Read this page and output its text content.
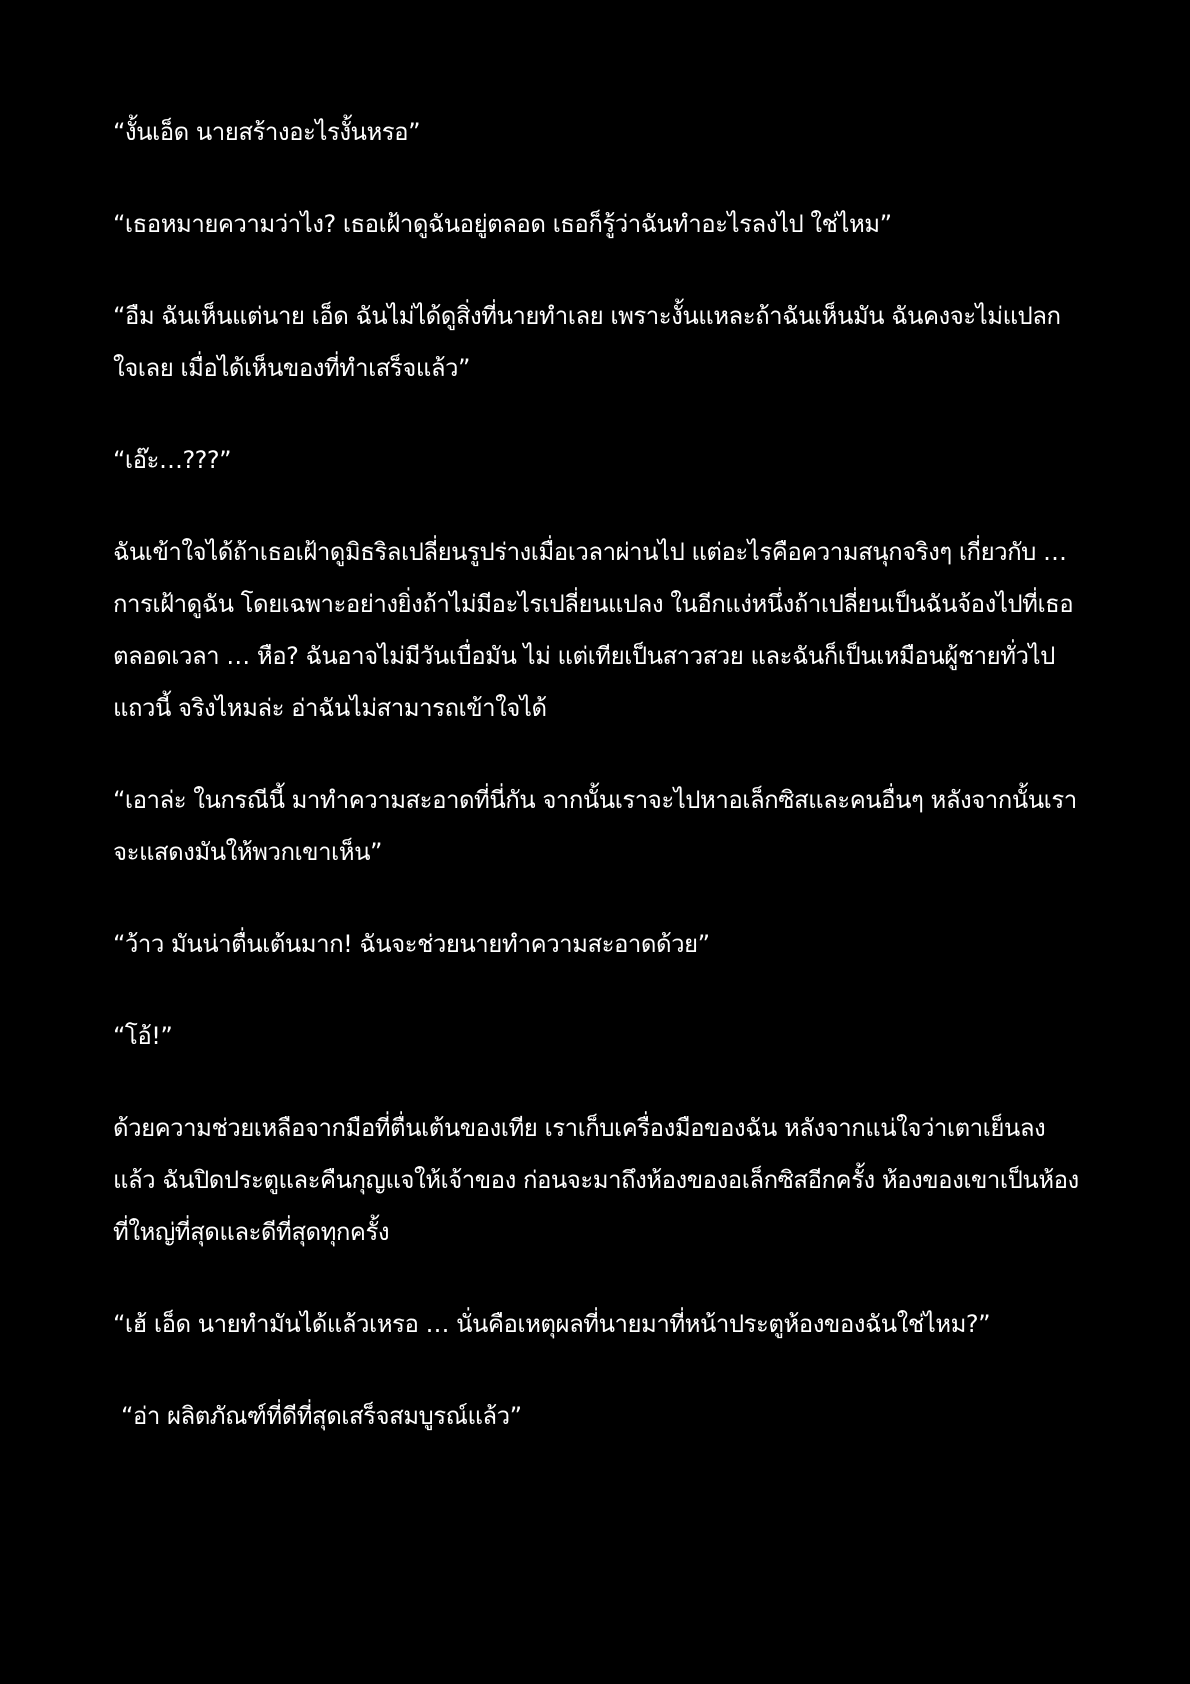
“งั้นเอ็ด นายสร้างอะไรงั้นหรอ”

“เธอหมายความว่าไง? เธอเฝ้าดูฉันอยู่ตลอด เธอก็รู้ว่าฉันทำอะไรลงไป ใช่ไหม”

“อืม ฉันเห็นแต่นาย เอ็ด ฉันไม่ได้ดูสิ่งที่นายทำเลย เพราะงั้นแหละถ้าฉันเห็นมัน ฉันคงจะไม่แปลกใจเลย เมื่อได้เห็นของที่ทำเสร็จแล้ว”

“เอ๊ะ…???”

ฉันเข้าใจได้ถ้าเธอเฝ้าดูมิธริลเปลี่ยนรูปร่างเมื่อเวลาผ่านไป แต่อะไรคือความสนุกจริงๆ เกี่ยวกับ … การเฝ้าดูฉัน โดยเฉพาะอย่างยิ่งถ้าไม่มีอะไรเปลี่ยนแปลง ในอีกแง่หนึ่งถ้าเปลี่ยนเป็นฉันจ้องไปที่เธอตลอดเวลา … หือ? ฉันอาจไม่มีวันเบื่อมัน ไม่ แต่เทียเป็นสาวสวย และฉันก็เป็นเหมือนผู้ชายทั่วไปแถวนี้ จริงไหมล่ะ อ่าฉันไม่สามารถเข้าใจได้

“เอาล่ะ ในกรณีนี้ มาทำความสะอาดที่นี่กัน จากนั้นเราจะไปหาอเล็กซิสและคนอื่นๆ หลังจากนั้นเราจะแสดงมันให้พวกเขาเห็น”

“ว้าว มันน่าตื่นเต้นมาก! ฉันจะช่วยนายทำความสะอาดด้วย”

“โอ้!”

ด้วยความช่วยเหลือจากมือที่ตื่นเต้นของเทีย เราเก็บเครื่องมือของฉัน หลังจากแน่ใจว่าเตาเย็นลงแล้ว ฉันปิดประตูและคืนกุญแจให้เจ้าของ ก่อนจะมาถึงห้องของอเล็กซิสอีกครั้ง ห้องของเขาเป็นห้องที่ใหญ่ที่สุดและดีที่สุดทุกครั้ง

“เฮ้ เอ็ด นายทำมันได้แล้วเหรอ … นั่นคือเหตุผลที่นายมาที่หน้าประตูห้องของฉันใช่ไหม?”

“อ่า ผลิตภัณฑ์ที่ดีที่สุดเสร็จสมบูรณ์แล้ว”
